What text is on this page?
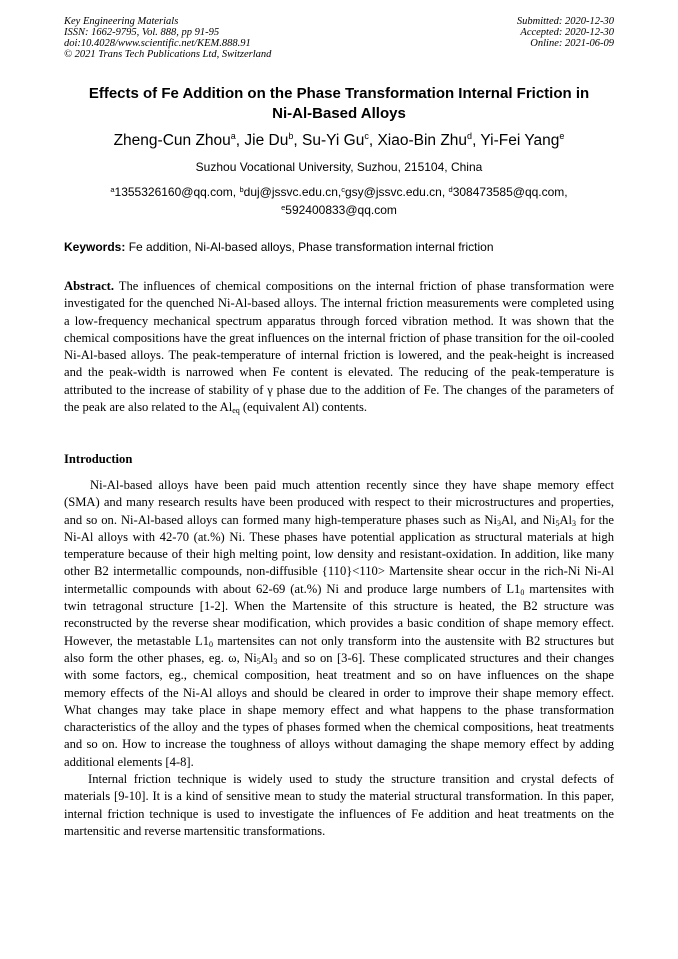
Key Engineering Materials
ISSN: 1662-9795, Vol. 888, pp 91-95
doi:10.4028/www.scientific.net/KEM.888.91
© 2021 Trans Tech Publications Ltd, Switzerland
Submitted: 2020-12-30
Accepted: 2020-12-30
Online: 2021-06-09
Effects of Fe Addition on the Phase Transformation Internal Friction in
Ni-Al-Based Alloys
Zheng-Cun Zhou$^a$, Jie Du$^b$, Su-Yi Gu$^c$, Xiao-Bin Zhu$^d$, Yi-Fei Yang$^e$
Suzhou Vocational University, Suzhou, 215104, China
$^a$1355326160@qq.com, $^b$duj@jssvc.edu.cn,$^c$gsy@jssvc.edu.cn, $^d$308473585@qq.com,
$^e$592400833@qq.com
Keywords: Fe addition, Ni-Al-based alloys, Phase transformation internal friction
Abstract. The influences of chemical compositions on the internal friction of phase transformation were investigated for the quenched Ni-Al-based alloys. The internal friction measurements were completed using a low-frequency mechanical spectrum apparatus through forced vibration method. It was shown that the chemical compositions have the great influences on the internal friction of phase transition for the oil-cooled Ni-Al-based alloys. The peak-temperature of internal friction is lowered, and the peak-height is increased and the peak-width is narrowed when Fe content is elevated. The reducing of the peak-temperature is attributed to the increase of stability of γ phase due to the addition of Fe. The changes of the parameters of the peak are also related to the $Al_{eq}$ (equivalent Al) contents.
Introduction

Ni-Al-based alloys have been paid much attention recently since they have shape memory effect (SMA) and many research results have been produced with respect to their microstructures and properties, and so on. Ni-Al-based alloys can formed many high-temperature phases such as $Ni_3Al$, and $Ni_5Al_3$ for the Ni-Al alloys with 42-70 (at.%) Ni. These phases have potential application as structural materials at high temperature because of their high melting point, low density and resistant-oxidation. In addition, like many other B2 intermetallic compounds, non-diffusible {110}<110> Martensite shear occur in the rich-Ni Ni-Al intermetallic compounds with about 62-69 (at.%) Ni and produce large numbers of $L1_0$ martensites with twin tetragonal structure [1-2]. When the Martensite of this structure is heated, the B2 structure was reconstructed by the reverse shear modification, which provides a basic condition of shape memory effect. However, the metastable $L1_0$ martensites can not only transform into the austensite with B2 structures but also form the other phases, eg. ω, $Ni_5Al_3$ and so on [3-6]. These complicated structures and their changes with some factors, eg., chemical composition, heat treatment and so on have influences on the shape memory effects of the Ni-Al alloys and should be cleared in order to improve their shape memory effect. What changes may take place in shape memory effect and what happens to the phase transformation characteristics of the alloy and the types of phases formed when the chemical compositions, heat treatments and so on. How to increase the toughness of alloys without damaging the shape memory effect by adding additional elements [4-8].

Internal friction technique is widely used to study the structure transition and crystal defects of materials [9-10]. It is a kind of sensitive mean to study the material structural transformation. In this paper, internal friction technique is used to investigate the influences of Fe addition and heat treatments on the martensitic and reverse martensitic transformations.
